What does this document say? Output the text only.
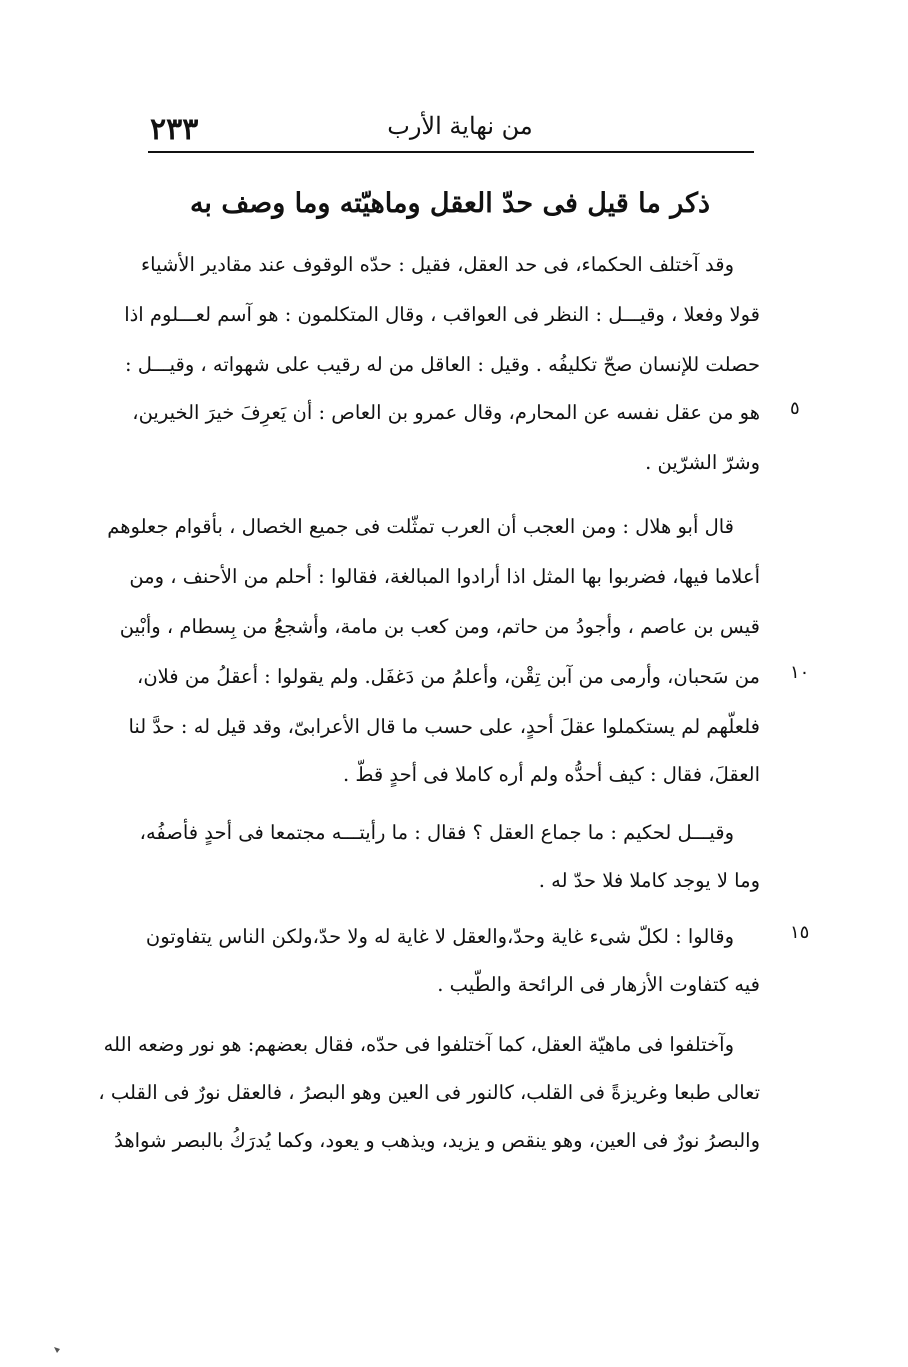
٢٣٣	من نهاية الأرب
ذكر ما قيل فى حدّ العقل وماهيّته وما وصف به
وقد آختلف الحكماء، فى حد العقل، فقيل : حدّه الوقوف عند مقادير الأشياء
قولا وفعلا ، وقيـــل : النظر فى العواقب ، وقال المتكلمون : هو آسم لعـــلوم اذا
حصلت للإنسان صحّ تكليفُه . وقيل : العاقل من له رقيب على شهواته ، وقيـــل :
هو من عقل نفسه عن المحارم، وقال عمرو بن العاص : أن يَعرِفَ خيرَ الخيرين،
وشرّ الشرّين .
قال أبو هلال : ومن العجب أن العرب تمثّلت فى جميع الخصال ، بأقوام جعلوهم
أعلاما فيها، فضربوا بها المثل اذا أرادوا المبالغة، فقالوا : أحلم من الأحنف ، ومن
قيس بن عاصم ، وأجودُ من حاتم، ومن كعب بن مامة، وأشجعُ من بِسطام ، وأبْين
من سَحبان، وأرمى من آبن تِقْن، وأعلمُ من دَغفَل. ولم يقولوا : أعقلُ من فلان،
فلعلّهم لم يستكملوا عقلَ أحدٍ، على حسب ما قال الأعرابىّ، وقد قيل له : حدَّ لنا
العقلَ، فقال : كيف أحدُّه ولم أره كاملا فى أحدٍ قطّ .
وقيـــل لحكيم : ما جماع العقل ؟ فقال : ما رأيتـــه مجتمعا فى أحدٍ فأصفُه،
وما لا يوجد كاملا فلا حدّ له .
وقالوا : لكلّ شىء غاية وحدّ،والعقل لا غاية له ولا حدّ،ولكن الناس يتفاوتون
فيه كتفاوت الأزهار فى الرائحة والطّيب .
وآختلفوا فى ماهيّة العقل، كما آختلفوا فى حدّه، فقال بعضهم: هو نور وضعه الله
تعالى طبعا وغريزةً فى القلب، كالنور فى العين وهو البصرُ ، فالعقل نورٌ فى القلب ،
والبصرُ نورٌ فى العين، وهو ينقص و يزيد، ويذهب و يعود، وكما يُدرَكُ بالبصر شواهدُ
٥
١٠
١٥
